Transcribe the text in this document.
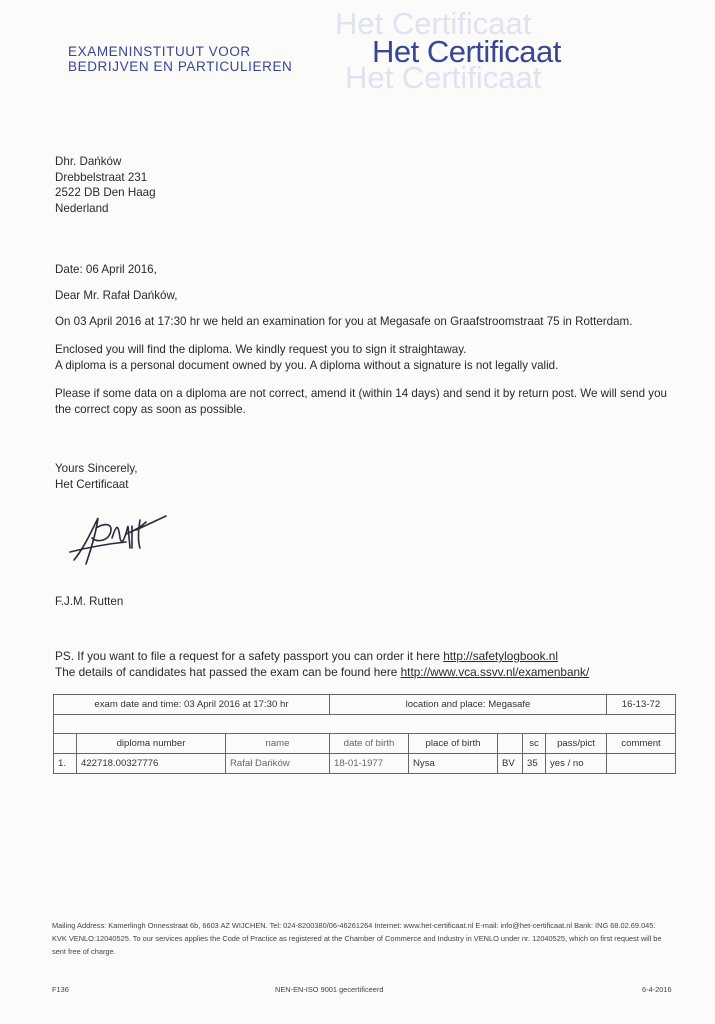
EXAMENINSTITUUT VOOR
BEDRIJVEN EN PARTICULIEREN
Het Certificaat
Het Certificaat
Het Certificaat
Dhr. Dańków
Drebbelstraat 231
2522 DB Den Haag
Nederland
Date: 06 April 2016,
Dear Mr. Rafał Dańków,
On 03 April 2016 at 17:30 hr we held an examination for you at Megasafe on Graafstroomstraat 75 in Rotterdam.
Enclosed you will find the diploma. We kindly request you to sign it straightaway.
A diploma is a personal document owned by you. A diploma without a signature is not legally valid.
Please if some data on a diploma are not correct, amend it (within 14 days) and send it by return post. We will send you the correct copy as soon as possible.
Yours Sincerely,
Het Certificaat
F.J.M. Rutten
PS. If you want to file a request for a safety passport you can order it here http://safetylogbook.nl
The details of candidates hat passed the exam can be found here http://www.vca.ssvv.nl/examenbank/
exam date and time: 03 April 2016 at 17:30 hr			location and place: Megasafe					16-13-72

	diploma number	name	date of birth	place of birth		sc	pass/pict	comment
1.	422718.00327776	Rafał Dańków	18-01-1977	Nysa	BV	35	yes / no	
Mailing Address: Kamerlingh Onnesstraat 6b, 6603 AZ WIJCHEN. Tel: 024-8200380/06-46261264 Internet: www.het-certificaat.nl E-mail: info@het-certificaat.nl Bank: ING 68.02.69.045. KVK VENLO:12040525. To our services applies the Code of Practice as registered at the Chamber of Commerce and Industry in VENLO under nr. 12040525, which on first request will be sent free of charge.
F136	NEN-EN-ISO 9001 gecertificeerd	6-4-2016
